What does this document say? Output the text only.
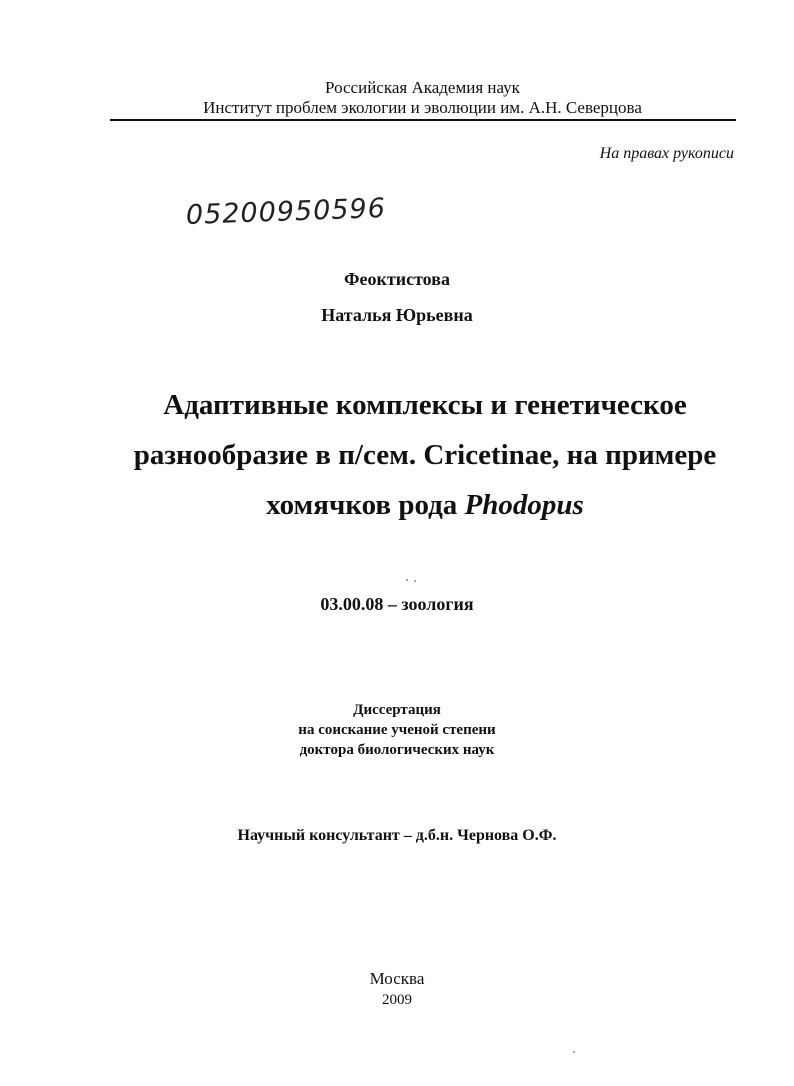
Российская Академия наук
Институт проблем экологии и эволюции им. А.Н. Северцова
На правах рукописи
05200950596
Феоктистова
Наталья Юрьевна
Адаптивные комплексы и генетическое
разнообразие в п/сем. Cricetinae, на примере
хомячков рода Phodopus
03.00.08 – зоология
Диссертация
на соискание ученой степени
доктора биологических наук
Научный консультант – д.б.н. Чернова О.Ф.
Москва
2009
